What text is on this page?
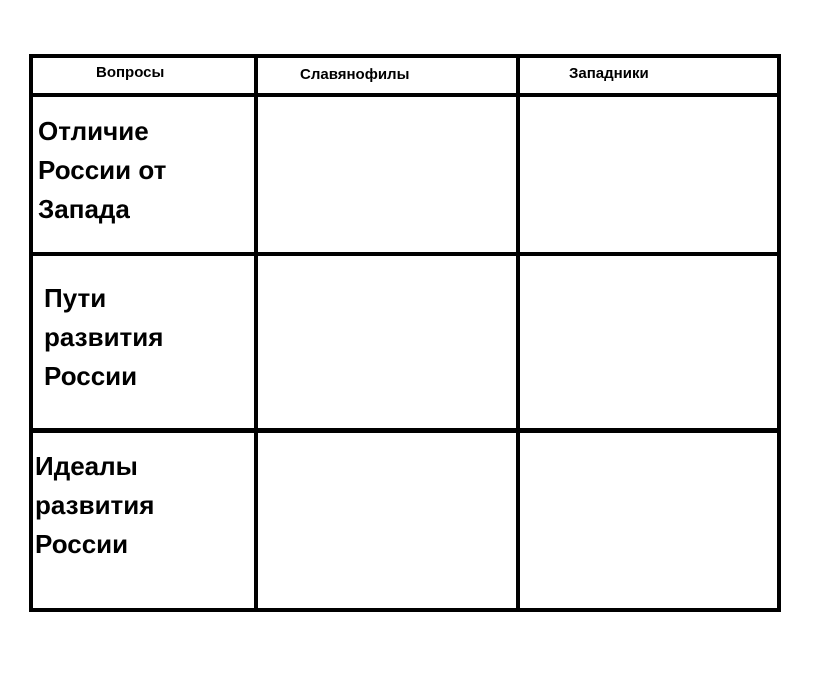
Вопросы	Славянофилы	Западники

Отличие
России от
Запада

Пути
развития
России

Идеалы
развития
России
